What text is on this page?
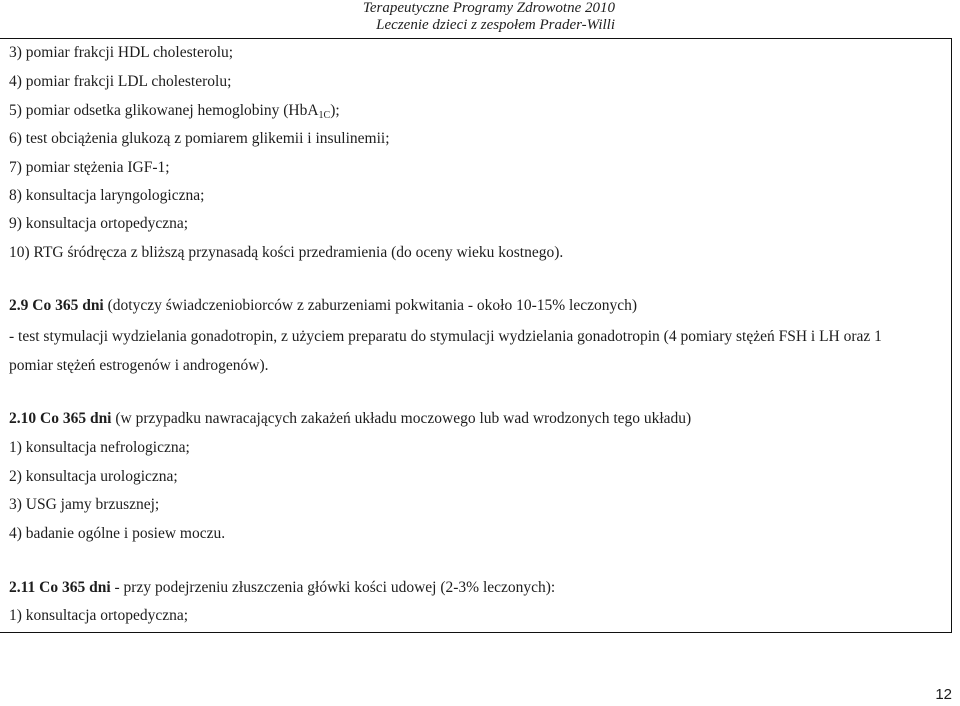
Terapeutyczne Programy Zdrowotne 2010
Leczenie dzieci z zespołem Prader-Willi
3) pomiar frakcji HDL cholesterolu;
4) pomiar frakcji LDL cholesterolu;
5) pomiar odsetka glikowanej hemoglobiny (HbA$_{1C}$);
6) test obciążenia glukozą z pomiarem glikemii i insulinemii;
7) pomiar stężenia IGF-1;
8) konsultacja laryngologiczna;
9) konsultacja ortopedyczna;
10) RTG śródręcza z bliższą przynasadą kości przedramienia (do oceny wieku kostnego).
2.9 Co 365 dni (dotyczy świadczeniobiorców z zaburzeniami pokwitania - około 10-15% leczonych)
- test stymulacji wydzielania gonadotropin, z użyciem preparatu do stymulacji wydzielania gonadotropin (4 pomiary stężeń FSH i LH oraz 1
pomiar stężeń estrogenów i androgenów).
2.10 Co 365 dni (w przypadku nawracających zakażeń układu moczowego lub wad wrodzonych tego układu)
1) konsultacja nefrologiczna;
2) konsultacja urologiczna;
3) USG jamy brzusznej;
4) badanie ogólne i posiew moczu.
2.11 Co 365 dni - przy podejrzeniu złuszczenia główki kości udowej (2-3% leczonych):
1) konsultacja ortopedyczna;
12
